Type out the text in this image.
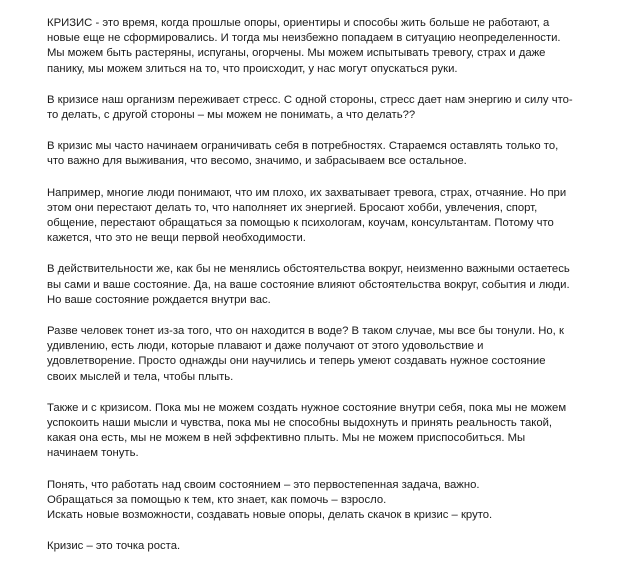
КРИЗИС - это время, когда прошлые опоры, ориентиры и способы жить больше не работают, а
новые еще не сформировались. И тогда мы неизбежно попадаем в ситуацию неопределенности.
Мы можем быть растеряны, испуганы, огорчены. Мы можем испытывать тревогу, страх и даже
панику, мы можем злиться на то, что происходит, у нас могут опускаться руки.

В кризисе наш организм переживает стресс. С одной стороны, стресс дает нам энергию и силу что-
то делать, с другой стороны – мы можем не понимать, а что делать??

В кризис мы часто начинаем ограничивать себя в потребностях. Стараемся оставлять только то,
что важно для выживания, что весомо, значимо, и забрасываем все остальное.

Например, многие люди понимают, что им плохо, их захватывает тревога, страх, отчаяние. Но при
этом они перестают делать то, что наполняет их энергией. Бросают хобби, увлечения, спорт,
общение, перестают обращаться за помощью к психологам, коучам, консультантам. Потому что
кажется, что это не вещи первой необходимости.

В действительности же, как бы не менялись обстоятельства вокруг, неизменно важными остаетесь
вы сами и ваше состояние. Да, на ваше состояние влияют обстоятельства вокруг, события и люди.
Но ваше состояние рождается внутри вас.

Разве человек тонет из-за того, что он находится в воде? В таком случае, мы все бы тонули. Но, к
удивлению, есть люди, которые плавают и даже получают от этого удовольствие и
удовлетворение. Просто однажды они научились и теперь умеют создавать нужное состояние
своих мыслей и тела, чтобы плыть.

Также и с кризисом. Пока мы не можем создать нужное состояние внутри себя, пока мы не можем
успокоить наши мысли и чувства, пока мы не способны выдохнуть и принять реальность такой,
какая она есть, мы не можем в ней эффективно плыть. Мы не можем приспособиться. Мы
начинаем тонуть.

Понять, что работать над своим состоянием – это первостепенная задача, важно.
Обращаться за помощью к тем, кто знает, как помочь – взросло.
Искать новые возможности, создавать новые опоры, делать скачок в кризис – круто.

Кризис – это точка роста.
